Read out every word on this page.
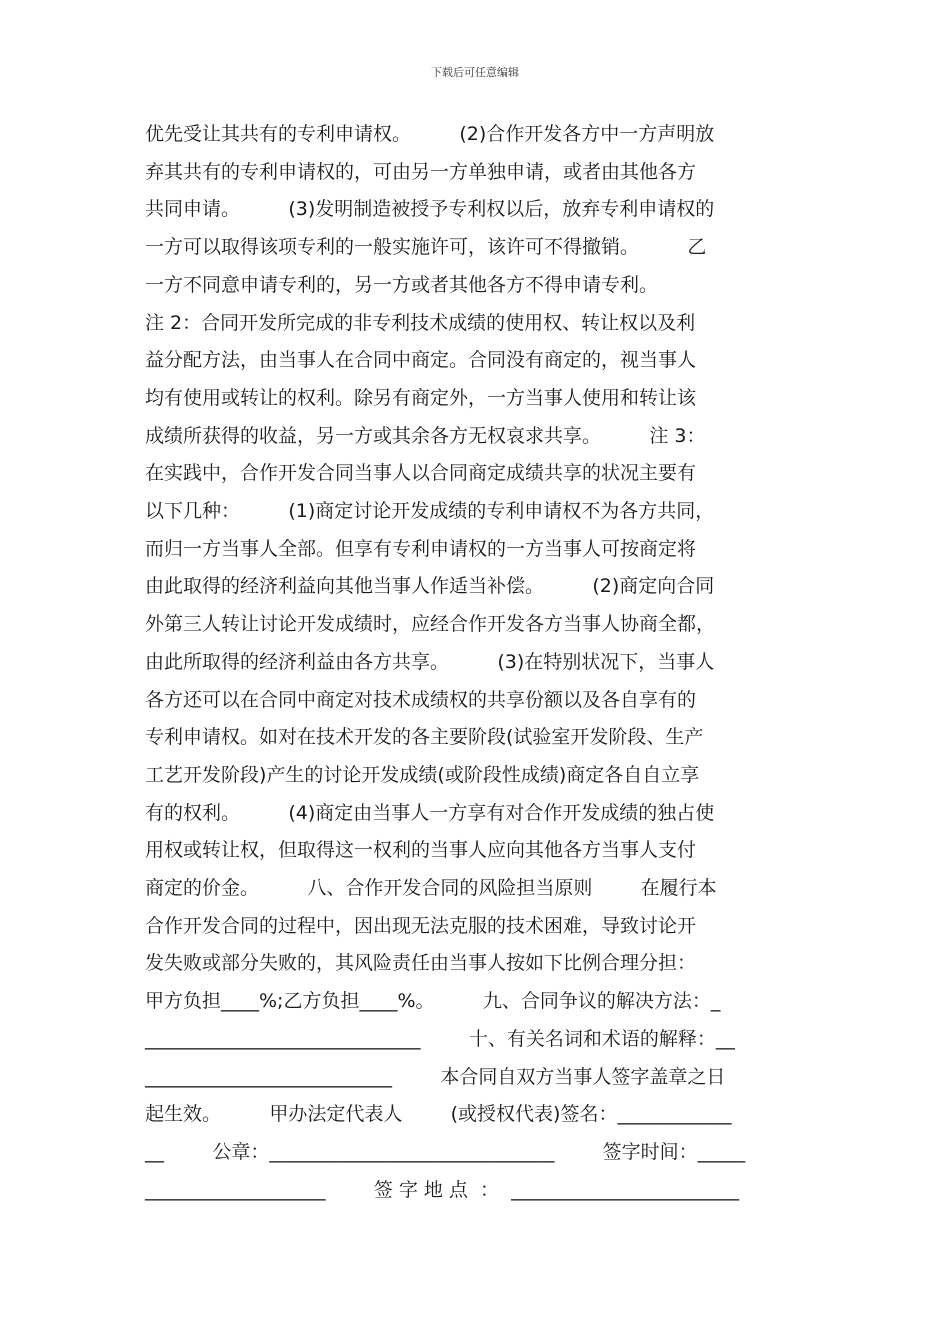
下载后可任意编辑
优先受让其共有的专利申请权。        (2)合作开发各方中一方声明放
弃其共有的专利申请权的，可由另一方单独申请，或者由其他各方
共同申请。        (3)发明制造被授予专利权以后，放弃专利申请权的
一方可以取得该项专利的一般实施许可，该许可不得撤销。        乙
一方不同意申请专利的，另一方或者其他各方不得申请专利。
注 2：合同开发所完成的非专利技术成绩的使用权、转让权以及利
益分配方法，由当事人在合同中商定。合同没有商定的，视当事人
均有使用或转让的权利。除另有商定外，一方当事人使用和转让该
成绩所获得的收益，另一方或其余各方无权哀求共享。        注 3：
在实践中，合作开发合同当事人以合同商定成绩共享的状况主要有
以下几种：        (1)商定讨论开发成绩的专利申请权不为各方共同，
而归一方当事人全部。但享有专利申请权的一方当事人可按商定将
由此取得的经济利益向其他当事人作适当补偿。        (2)商定向合同
外第三人转让讨论开发成绩时，应经合作开发各方当事人协商全都，
由此所取得的经济利益由各方共享。        (3)在特别状况下，当事人
各方还可以在合同中商定对技术成绩权的共享份额以及各自享有的
专利申请权。如对在技术开发的各主要阶段(试验室开发阶段、生产
工艺开发阶段)产生的讨论开发成绩(或阶段性成绩)商定各自自立享
有的权利。        (4)商定由当事人一方享有对合作开发成绩的独占使
用权或转让权，但取得这一权利的当事人应向其他各方当事人支付
商定的价金。        八、合作开发合同的风险担当原则        在履行本
合作开发合同的过程中，因出现无法克服的技术困难，导致讨论开
发失败或部分失败的，其风险责任由当事人按如下比例合理分担：
甲方负担____%;乙方负担____%。        九、合同争议的解决方法：_
_____________________________        十、有关名词和术语的解释：__
__________________________        本合同自双方当事人签字盖章之日
起生效。        甲办法定代表人        (或授权代表)签名：____________
__        公章：______________________________        签字时间：_____
___________________        签 字 地 点  ：  ________________________
